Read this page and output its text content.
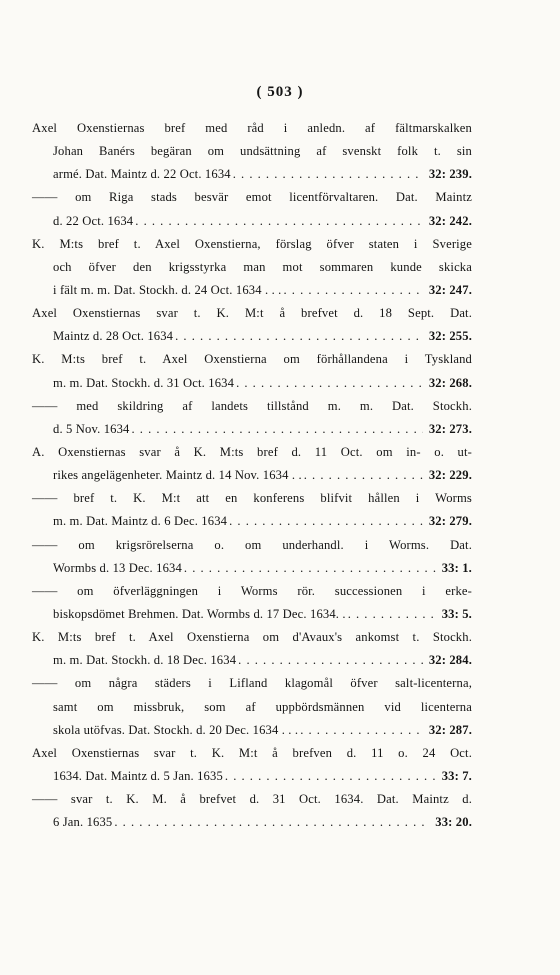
( 503 )
Axel Oxenstiernas bref med råd i anledn. af fältmarskalken
Johan Banérs begäran om undsättning af svenskt folk t. sin
armé. Dat. Maintz d. 22 Oct. 1634 . . .	32: 239.
—— om Riga stads besvär emot licentförvaltaren. Dat. Maintz
d. 22 Oct. 1634 . . .	32: 242.
K. M:ts bref t. Axel Oxenstierna, förslag öfver staten i Sverige
och öfver den krigsstyrka man mot sommaren kunde skicka
i fält m. m. Dat. Stockh. d. 24 Oct. 1634 . . . . . .	32: 247.
Axel Oxenstiernas svar t. K. M:t å brefvet d. 18 Sept. Dat.
Maintz d. 28 Oct. 1634 . . .	32: 255.
K. M:ts bref t. Axel Oxenstierna om förhållandena i Tyskland
m. m. Dat. Stockh. d. 31 Oct. 1634 . . .	32: 268.
—— med skildring af landets tillstånd m. m. Dat. Stockh.
d. 5 Nov. 1634 . . .	32: 273.
A. Oxenstiernas svar å K. M:ts bref d. 11 Oct. om in- o. ut-
rikes angelägenheter. Maintz d. 14 Nov. 1634 . . . . .	32: 229.
—— bref t. K. M:t att en konferens blifvit hållen i Worms
m. m. Dat. Maintz d. 6 Dec. 1634 . . .	32: 279.
—— om krigsrörelserna o. om underhandl. i Worms. Dat.
Wormbs d. 13 Dec. 1634 . . .	33: 1.
—— om öfverläggningen i Worms rör. successionen i erke-
biskopsdömet Brehmen. Dat. Wormbs d. 17 Dec. 1634. . . . .	33: 5.
K. M:ts bref t. Axel Oxenstierna om d'Avaux's ankomst t. Stockh.
m. m. Dat. Stockh. d. 18 Dec. 1634 . . .	32: 284.
—— om några städers i Lifland klagomål öfver salt-licenterna,
samt om missbruk, som af uppbördsmännen vid licenterna
skola utöfvas. Dat. Stockh. d. 20 Dec. 1634 . . . . . .	32: 287.
Axel Oxenstiernas svar t. K. M:t å brefven d. 11 o. 24 Oct.
1634. Dat. Maintz d. 5 Jan. 1635 . . .	33: 7.
—— svar t. K. M. å brefvet d. 31 Oct. 1634. Dat. Maintz d.
6 Jan. 1635 . . .	33: 20.
